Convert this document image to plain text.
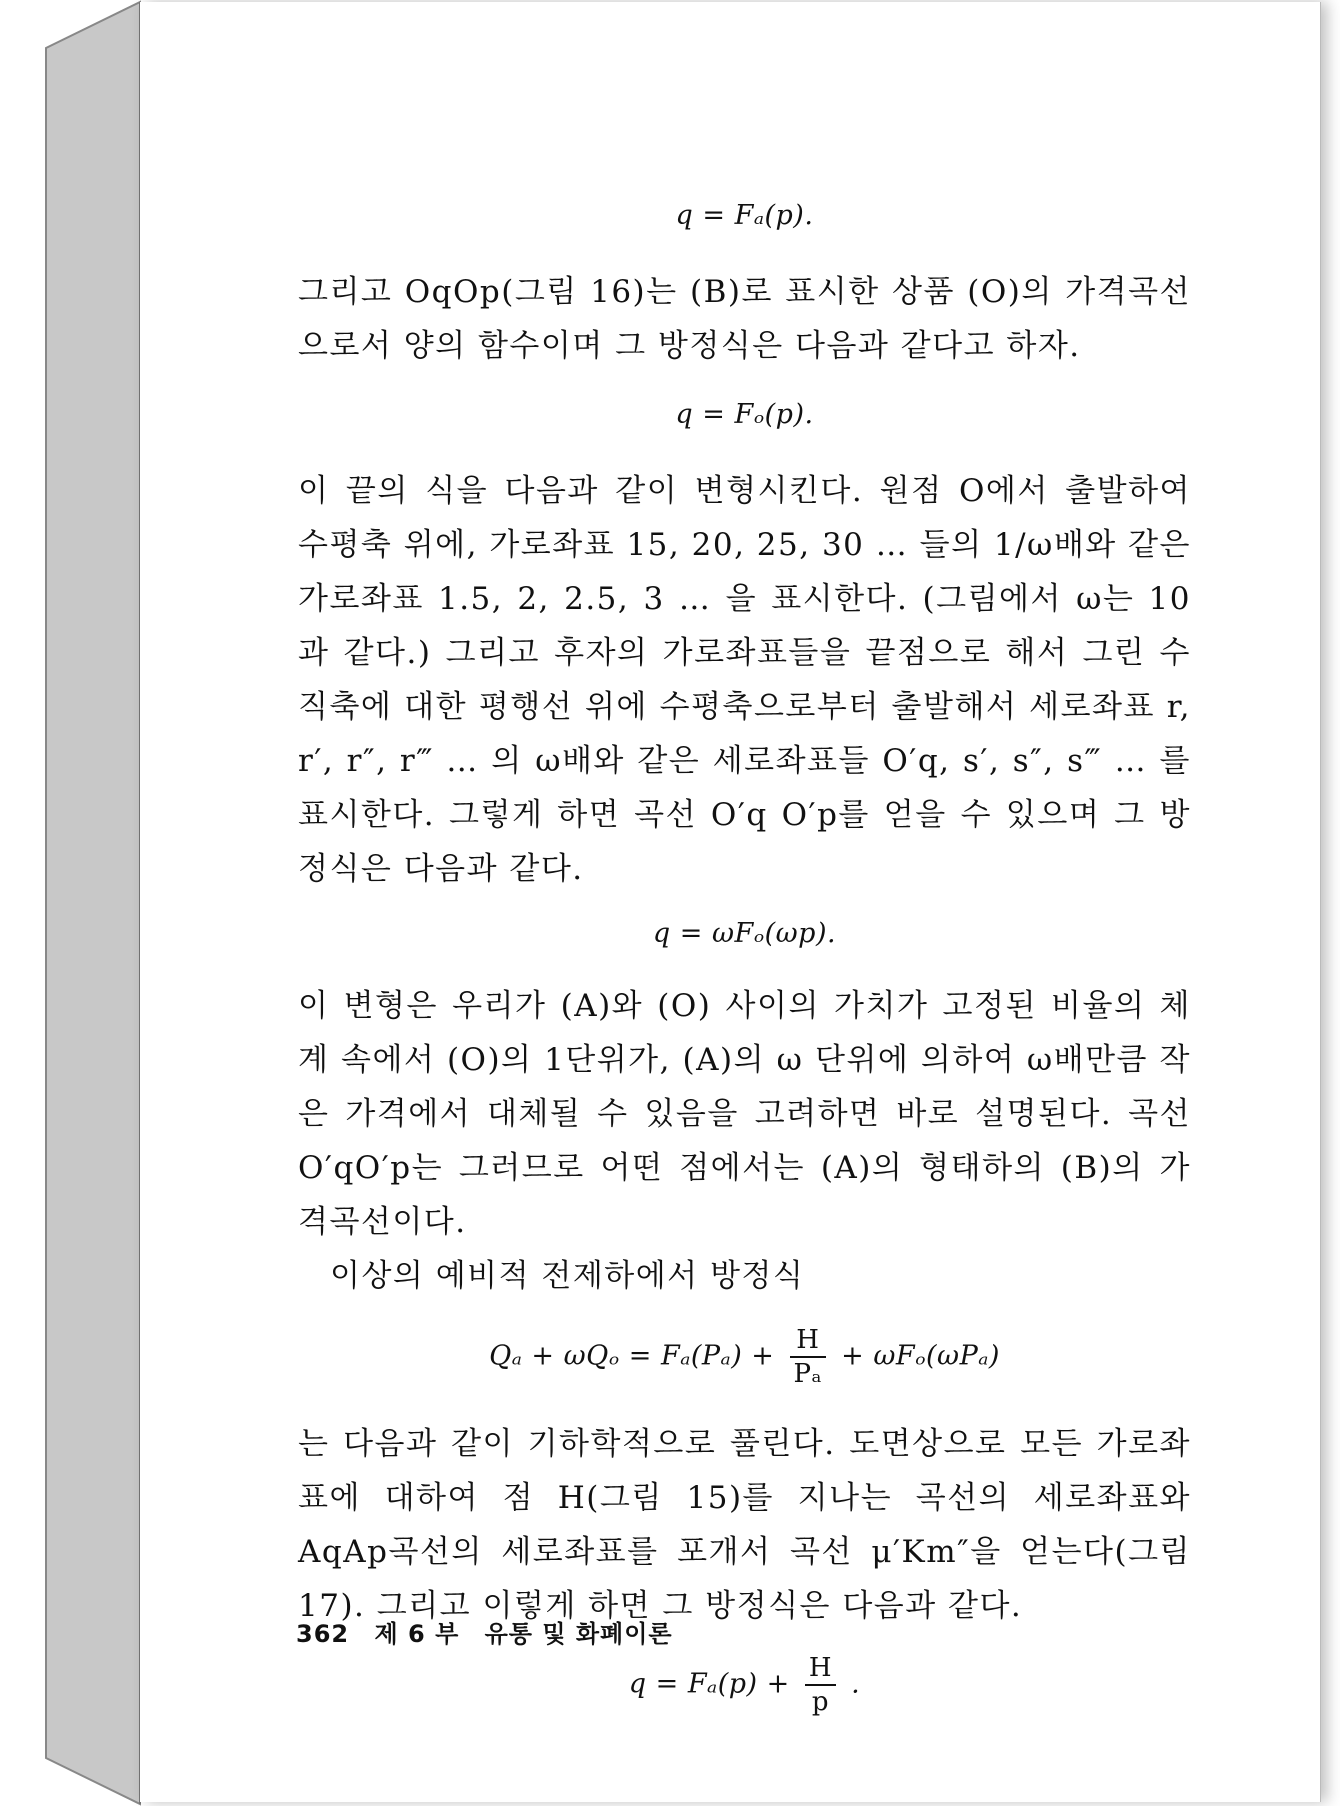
q = Fₐ(p).

그리고 OqOp(그림 16)는 (B)로 표시한 상품 (O)의 가격곡선으로서 양의 함수이며 그 방정식은 다음과 같다고 하자.

q = Fₒ(p).

이 끝의 식을 다음과 같이 변형시킨다. 원점 O에서 출발하여 수평축 위에, 가로좌표 15, 20, 25, 30 … 들의 1/ω배와 같은 가로좌표 1.5, 2, 2.5, 3 … 을 표시한다. (그림에서 ω는 10과 같다.) 그리고 후자의 가로좌표들을 끝점으로 해서 그린 수직축에 대한 평행선 위에 수평축으로부터 출발해서 세로좌표 r, r′, r″, r‴ … 의 ω배와 같은 세로좌표들 O′q, s′, s″, s‴ … 를 표시한다. 그렇게 하면 곡선 O′q O′p를 얻을 수 있으며 그 방정식은 다음과 같다.

q = ωFₒ(ωp).

이 변형은 우리가 (A)와 (O) 사이의 가치가 고정된 비율의 체계 속에서 (O)의 1단위가, (A)의 ω 단위에 의하여 ω배만큼 작은 가격에서 대체될 수 있음을 고려하면 바로 설명된다. 곡선 O′qO′p는 그러므로 어떤 점에서는 (A)의 형태하의 (B)의 가격곡선이다.

이상의 예비적 전제하에서 방정식

$Q_a + \omega Q_o = F_a(P_a) + \frac{H}{\text{Pₐ}} + \omega F_o(\omega P_a)$

는 다음과 같이 기하학적으로 풀린다. 도면상으로 모든 가로좌표에 대하여 점 H(그림 15)를 지나는 곡선의 세로좌표와 AqAp곡선의 세로좌표를 포개서 곡선 μ′Km″을 얻는다(그림 17). 그리고 이렇게 하면 그 방정식은 다음과 같다.

$q = F_a(p) + \frac{H}{p}$ .
362 제 6 부 유통 및 화폐이론
